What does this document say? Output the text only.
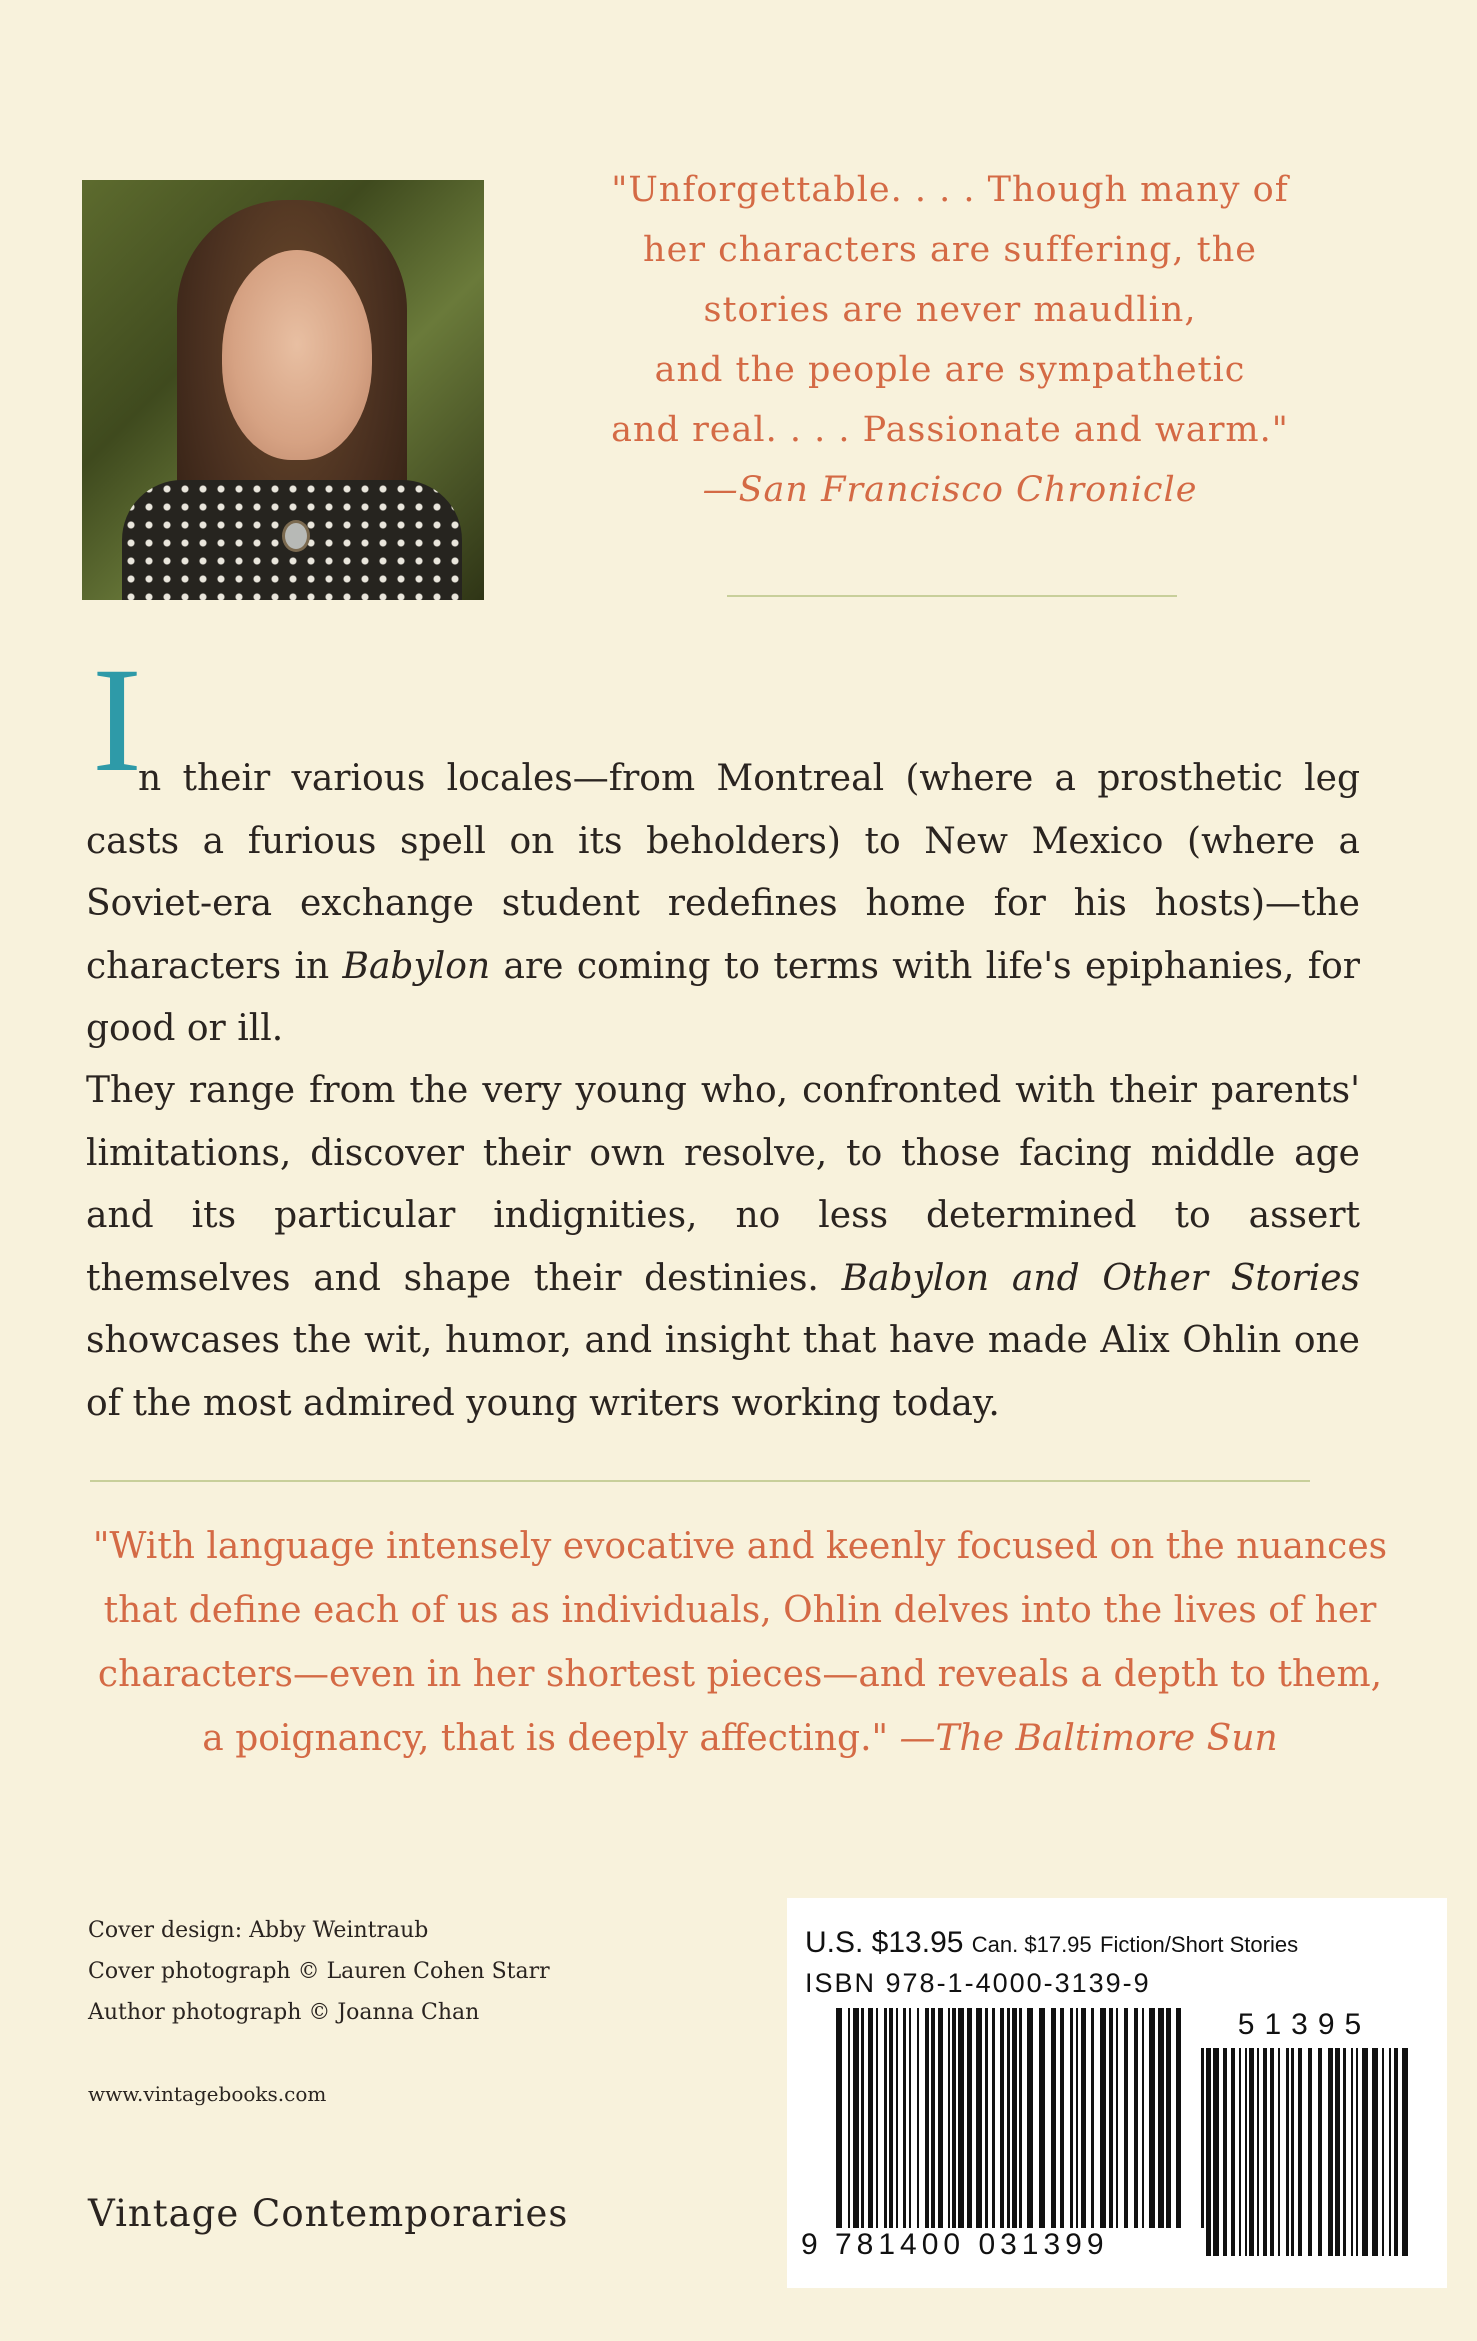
"Unforgettable. . . . Though many of
her characters are suffering, the
stories are never maudlin,
and the people are sympathetic
and real. . . . Passionate and warm."
—San Francisco Chronicle
I
n their various locales—from Montreal (where a prosthetic leg casts a furious spell on its beholders) to New Mexico (where a Soviet-era exchange student redefines home for his hosts)—the characters in Babylon are coming to terms with life's epiphanies, for good or ill.
They range from the very young who, confronted with their parents' limitations, discover their own resolve, to those facing middle age and its particular indignities, no less determined to assert themselves and shape their destinies. Babylon and Other Stories showcases the wit, humor, and insight that have made Alix Ohlin one of the most admired young writers working today.
"With language intensely evocative and keenly focused on the nuances that define each of us as individuals, Ohlin delves into the lives of her characters—even in her shortest pieces—and reveals a depth to them, a poignancy, that is deeply affecting." —The Baltimore Sun
Cover design: Abby Weintraub
Cover photograph © Lauren Cohen Starr
Author photograph © Joanna Chan
www.vintagebooks.com
Vintage Contemporaries
U.S. $13.95 Can. $17.95 Fiction/Short Stories
ISBN 978-1-4000-3139-9
51395
9 781400 031399
